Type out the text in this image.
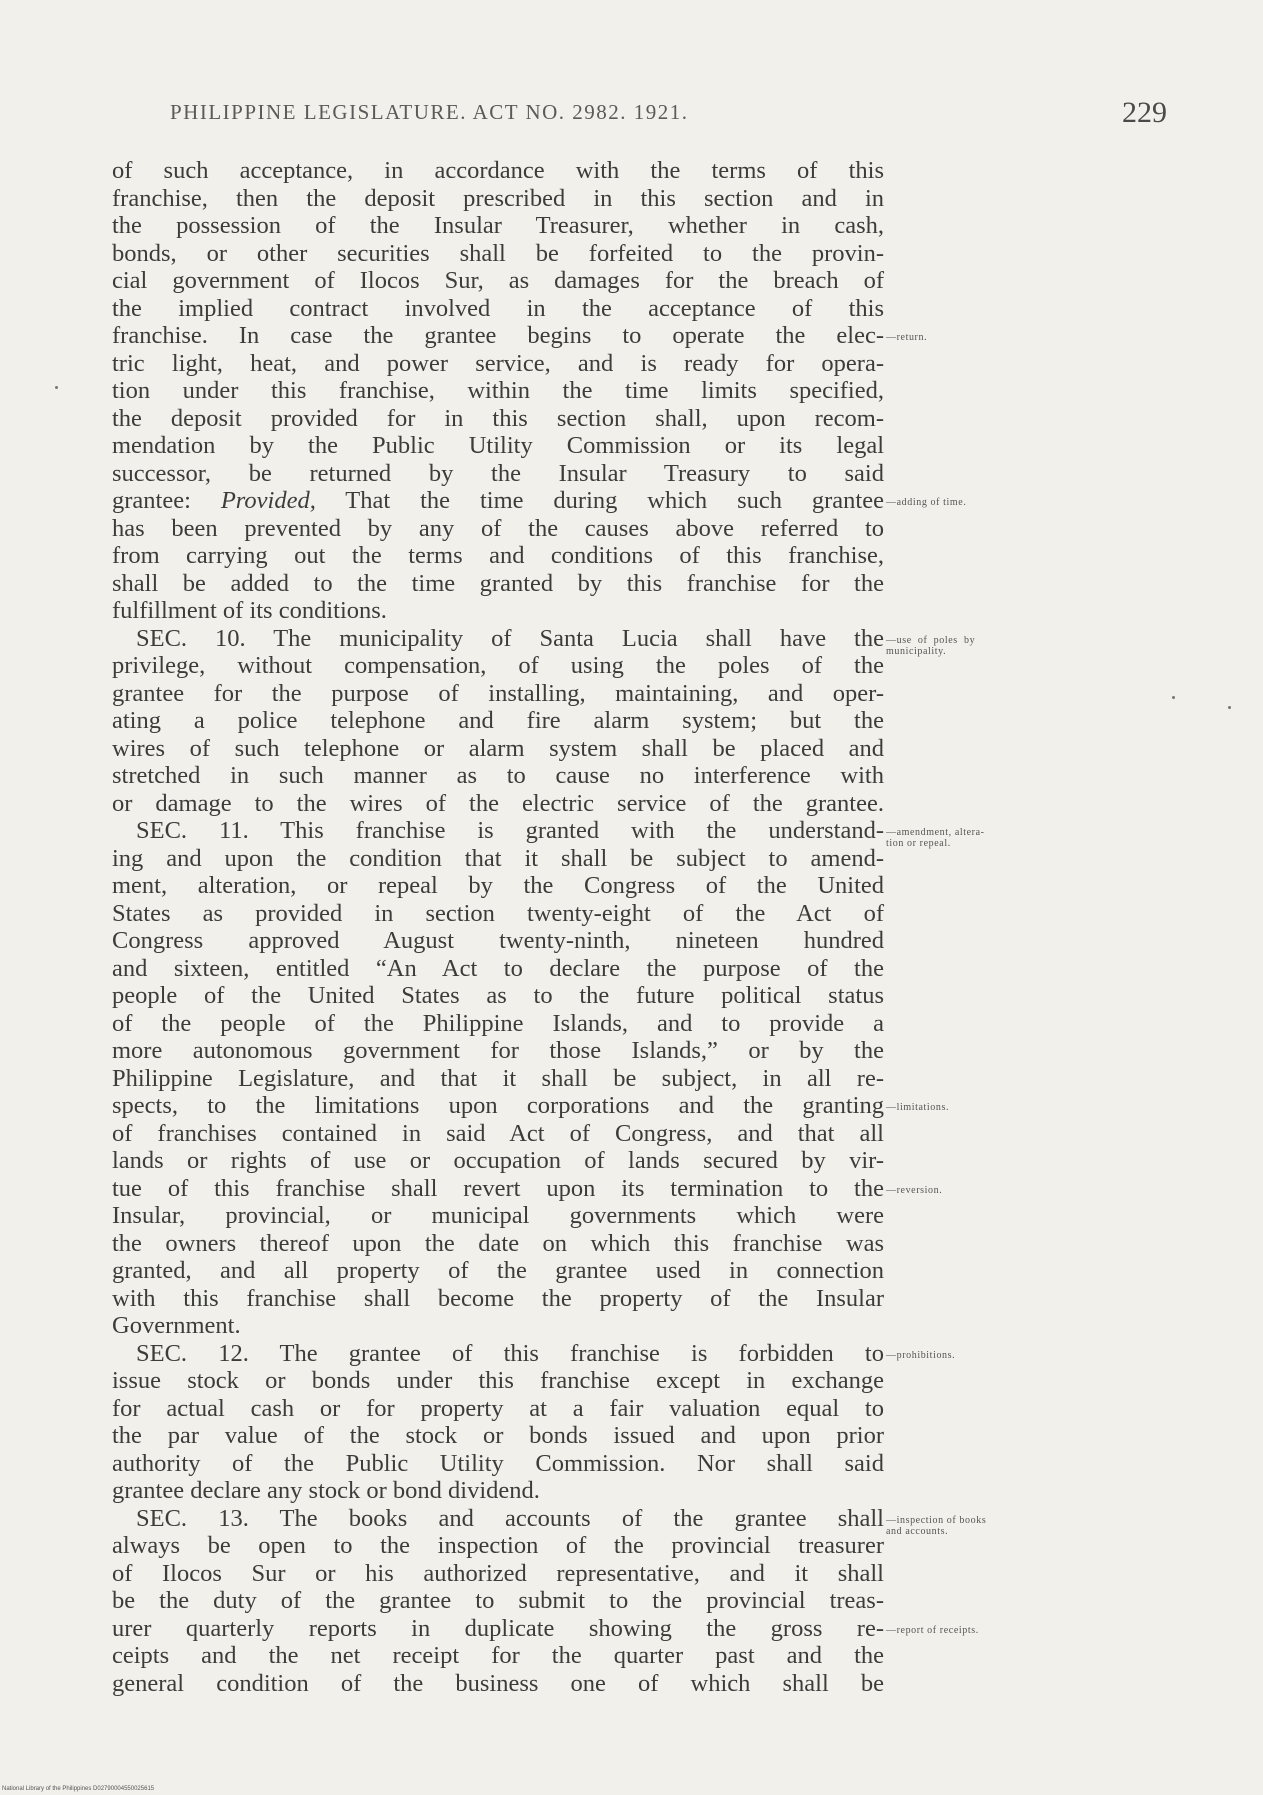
PHILIPPINE LEGISLATURE. ACT NO. 2982. 1921.	229
of such acceptance, in accordance with the terms of this
franchise, then the deposit prescribed in this section and in
the possession of the Insular Treasurer, whether in cash,
bonds, or other securities shall be forfeited to the provin-
cial government of Ilocos Sur, as damages for the breach of
the implied contract involved in the acceptance of this
franchise. In case the grantee begins to operate the elec-
tric light, heat, and power service, and is ready for opera-
tion under this franchise, within the time limits specified,
the deposit provided for in this section shall, upon recom-
mendation by the Public Utility Commission or its legal
successor, be returned by the Insular Treasury to said
grantee: Provided, That the time during which such grantee
has been prevented by any of the causes above referred to
from carrying out the terms and conditions of this franchise,
shall be added to the time granted by this franchise for the
fulfillment of its conditions.
SEC. 10. The municipality of Santa Lucia shall have the
privilege, without compensation, of using the poles of the
grantee for the purpose of installing, maintaining, and oper-
ating a police telephone and fire alarm system; but the
wires of such telephone or alarm system shall be placed and
stretched in such manner as to cause no interference with
or damage to the wires of the electric service of the grantee.
SEC. 11. This franchise is granted with the understand-
ing and upon the condition that it shall be subject to amend-
ment, alteration, or repeal by the Congress of the United
States as provided in section twenty-eight of the Act of
Congress approved August twenty-ninth, nineteen hundred
and sixteen, entitled “An Act to declare the purpose of the
people of the United States as to the future political status
of the people of the Philippine Islands, and to provide a
more autonomous government for those Islands,” or by the
Philippine Legislature, and that it shall be subject, in all re-
spects, to the limitations upon corporations and the granting
of franchises contained in said Act of Congress, and that all
lands or rights of use or occupation of lands secured by vir-
tue of this franchise shall revert upon its termination to the
Insular, provincial, or municipal governments which were
the owners thereof upon the date on which this franchise was
granted, and all property of the grantee used in connection
with this franchise shall become the property of the Insular
Government.
SEC. 12. The grantee of this franchise is forbidden to
issue stock or bonds under this franchise except in exchange
for actual cash or for property at a fair valuation equal to
the par value of the stock or bonds issued and upon prior
authority of the Public Utility Commission. Nor shall said
grantee declare any stock or bond dividend.
SEC. 13. The books and accounts of the grantee shall
always be open to the inspection of the provincial treasurer
of Ilocos Sur or his authorized representative, and it shall
be the duty of the grantee to submit to the provincial treas-
urer quarterly reports in duplicate showing the gross re-
ceipts and the net receipt for the quarter past and the
general condition of the business one of which shall be
—return.
—adding of time.
—use  of  poles  by
municipality.
—amendment, altera-
tion or repeal.
—limitations.
—reversion.
—prohibitions.
—inspection of books
and accounts.
—report of receipts.
National Library of the Philippines D02790004550025615
